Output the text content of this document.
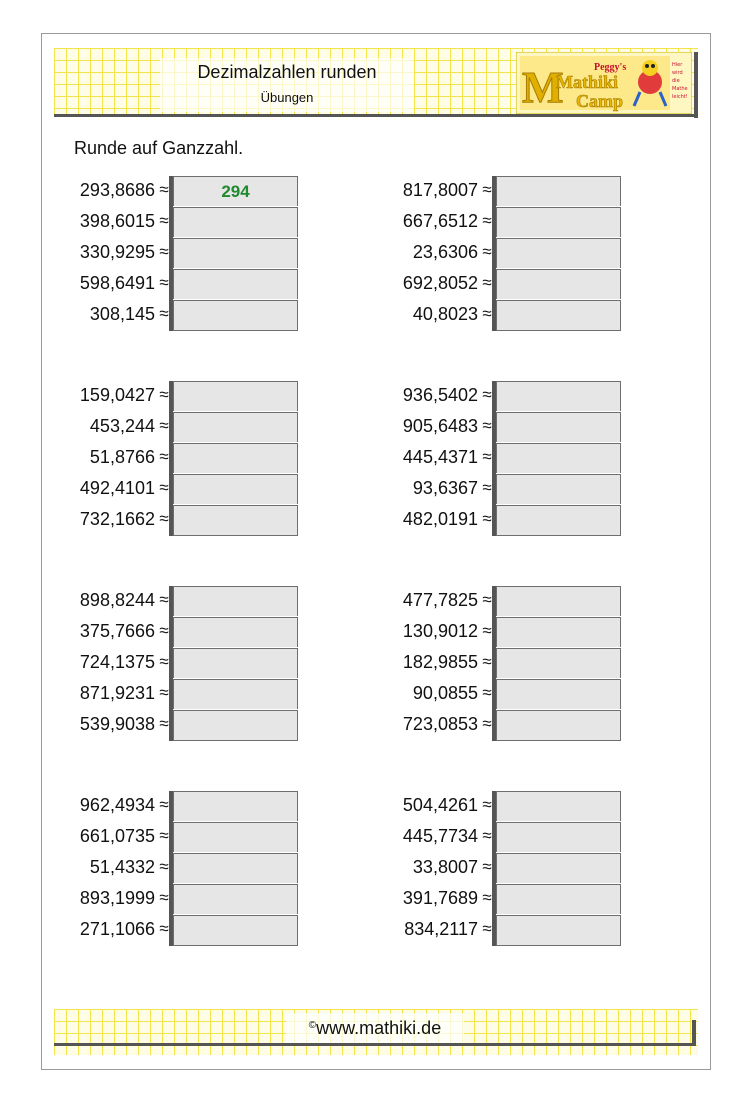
Dezimalzahlen runden
Übungen	M	Peggy's
Mathiki
Camp
Hier
wird
die
Mathe
leicht!
Runde auf Ganzzahl.
293,8686 ≈	294
398,6015 ≈
330,9295 ≈
598,6491 ≈
308,145 ≈
817,8007 ≈
667,6512 ≈
23,6306 ≈
692,8052 ≈
40,8023 ≈
159,0427 ≈
453,244 ≈
51,8766 ≈
492,4101 ≈
732,1662 ≈
936,5402 ≈
905,6483 ≈
445,4371 ≈
93,6367 ≈
482,0191 ≈
898,8244 ≈
375,7666 ≈
724,1375 ≈
871,9231 ≈
539,9038 ≈
477,7825 ≈
130,9012 ≈
182,9855 ≈
90,0855 ≈
723,0853 ≈
962,4934 ≈
661,0735 ≈
51,4332 ≈
893,1999 ≈
271,1066 ≈
504,4261 ≈
445,7734 ≈
33,8007 ≈
391,7689 ≈
834,2117 ≈
©www.mathiki.de
